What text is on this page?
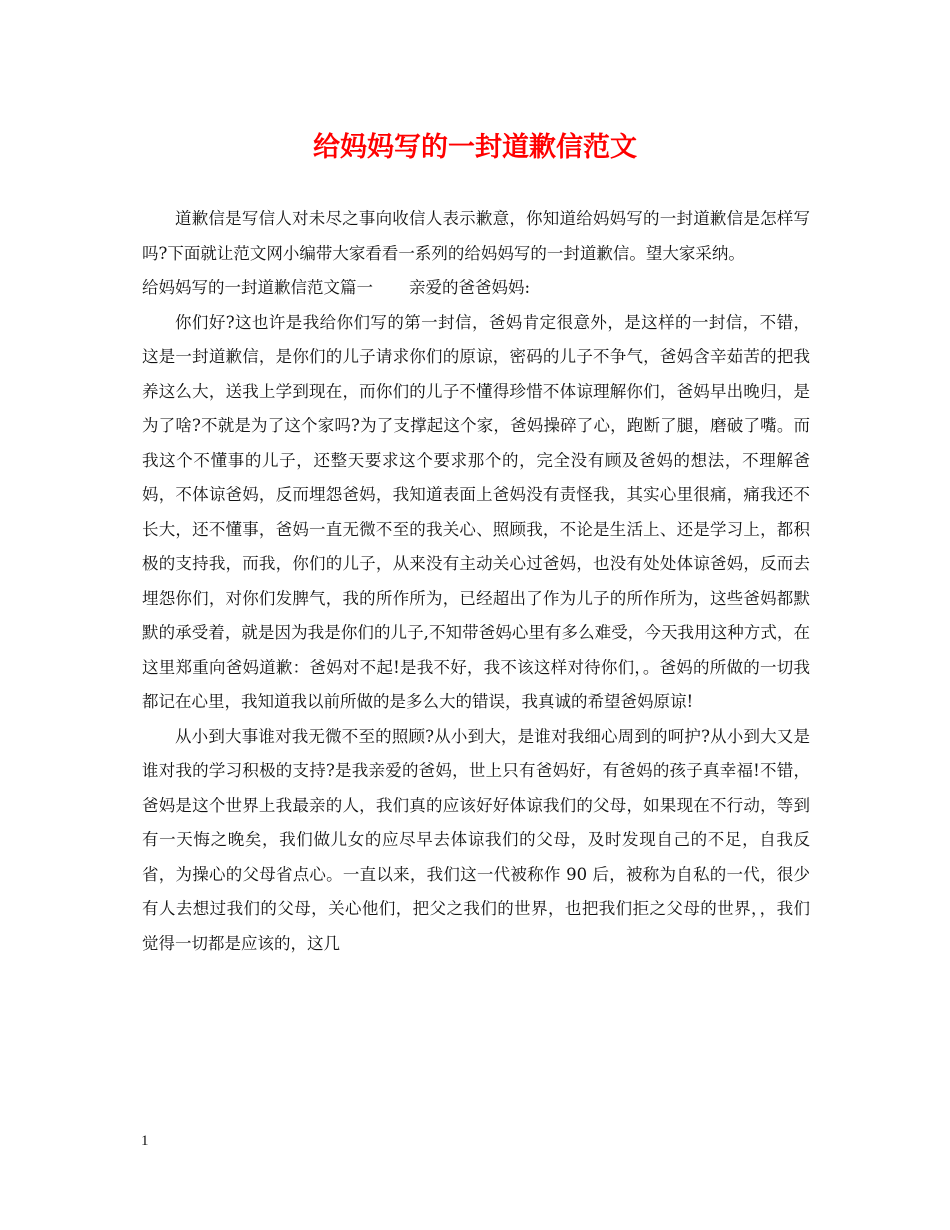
给妈妈写的一封道歉信范文

道歉信是写信人对未尽之事向收信人表示歉意，你知道给妈妈写的一封道歉信是怎样写吗?下面就让范文网小编带大家看看一系列的给妈妈写的一封道歉信。望大家采纳。

给妈妈写的一封道歉信范文篇一 亲爱的爸爸妈妈:

你们好?这也许是我给你们写的第一封信，爸妈肯定很意外，是这样的一封信，不错，这是一封道歉信，是你们的儿子请求你们的原谅，密码的儿子不争气，爸妈含辛茹苦的把我养这么大，送我上学到现在，而你们的儿子不懂得珍惜不体谅理解你们，爸妈早出晚归，是为了啥?不就是为了这个家吗?为了支撑起这个家，爸妈操碎了心，跑断了腿，磨破了嘴。而我这个不懂事的儿子，还整天要求这个要求那个的，完全没有顾及爸妈的想法，不理解爸妈，不体谅爸妈，反而埋怨爸妈，我知道表面上爸妈没有责怪我，其实心里很痛，痛我还不长大，还不懂事，爸妈一直无微不至的我关心、照顾我，不论是生活上、还是学习上，都积极的支持我，而我，你们的儿子，从来没有主动关心过爸妈，也没有处处体谅爸妈，反而去埋怨你们，对你们发脾气，我的所作所为，已经超出了作为儿子的所作所为，这些爸妈都默默的承受着，就是因为我是你们的儿子,不知带爸妈心里有多么难受，今天我用这种方式，在这里郑重向爸妈道歉：爸妈对不起!是我不好，我不该这样对待你们，。爸妈的所做的一切我都记在心里，我知道我以前所做的是多么大的错误，我真诚的希望爸妈原谅!

从小到大事谁对我无微不至的照顾?从小到大，是谁对我细心周到的呵护?从小到大又是谁对我的学习积极的支持?是我亲爱的爸妈，世上只有爸妈好，有爸妈的孩子真幸福!不错，爸妈是这个世界上我最亲的人，我们真的应该好好体谅我们的父母，如果现在不行动，等到有一天悔之晚矣，我们做儿女的应尽早去体谅我们的父母，及时发现自己的不足，自我反省，为操心的父母省点心。一直以来，我们这一代被称作 90 后，被称为自私的一代，很少有人去想过我们的父母，关心他们，把父之我们的世界，也把我们拒之父母的世界，，我们觉得一切都是应该的，这几

1
